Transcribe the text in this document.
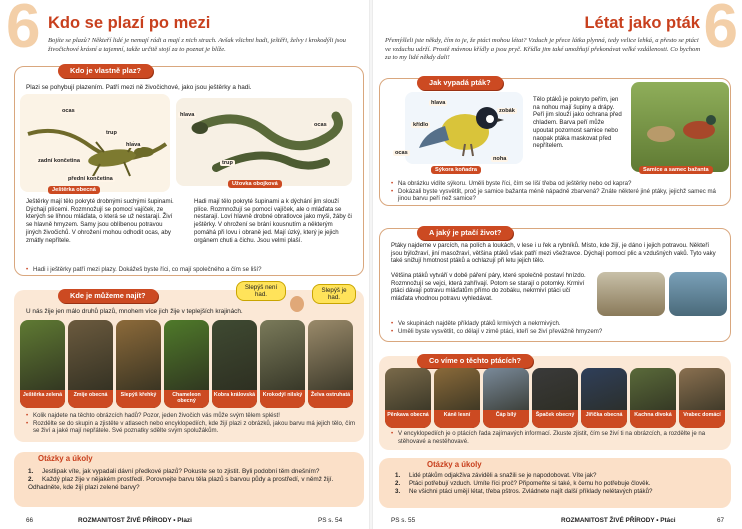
6 Kdo se plazí po mezi
Bojíte se plazů? Někteří lidé je nemají rádi a mají z nich strach. Avšak všichni hadi, ještěři, želvy i krokodýli jsou živočichové krásní a tajemní, takže určitě stojí za to poznat je blíže.
Kdo je vlastně plaz?
Plazi se pohybují plazením. Patří mezi ně živočichové, jako jsou ještěrky a hadi.
ocas
trup
hlava
zadní končetina
přední končetina
Ještěrka obecná
hlava
ocas
trup
Užovka obojková
Ještěrky mají tělo pokryté drobnými suchými šupinami. Dýchají plícemi. Rozmnožují se pomocí vajíček, ze kterých se líhnou mláďata, o která se už nestarají. Živí se hlavně hmyzem. Samy jsou oblíbenou potravou jiných živočichů. V ohrožení mohou odhodit ocas, aby zmátly nepřítele.
Hadi mají tělo pokryté šupinami a k dýchání jim slouží plíce. Rozmnožují se pomocí vajíček, ale o mláďata se nestarají. Loví hlavně drobné obratlovce jako myši, žáby či ještěrky. V ohrožení se brání kousnutím a některým pomáhá při lovu i obraně jed. Mají úzký, který je jejich orgánem chuti a čichu. Jsou velmi plaší.
• Hadi i ještěrky patří mezi plazy. Dokážeš byste říci, co mají společného a čím se liší?
Kde je můžeme najít?
Slepýš není had.
Slepýš je had.
U nás žije jen málo druhů plazů, mnohem více jich žije v teplejších krajinách.
Ještěrka zelená	Zmije obecná	Slepýš křehký	Chameleon obecný
Kobra královská	Krokodýl nilský	Želva ostruhatá
• Kolik najdete na těchto obrázcích hadů? Pozor, jeden živočich vás může svým tělem splést!
• Rozdělte se do skupin a zjistěte v atlasech nebo encyklopediích, kde žijí plazi z obrázků, jakou barvu má jejich tělo, čím se živí a jaké mají nepřátele. Své poznatky sdělte svým spolužákům.
Otázky a úkoly
1. Jestlipak víte, jak vypadali dávní předkové plazů? Pokuste se to zjistit. Byli podobní těm dnešním?
2. Každý plaz žije v nějakém prostředí. Porovnejte barvu těla plazů s barvou půdy a prostředí, v němž žijí. Odhadněte, kde žijí plazi zelené barvy?
66	ROZMANITOST ŽIVÉ PŘÍRODY • Plazi	PS s. 54
6
Létat jako pták
Přemýšleli jste někdy, čím to je, že ptáci mohou létat? Vzduch je přece látka plynná, tedy velice lehká, a přesto se ptáci ve vzduchu udrží. Prostě mávnou křídly a jsou pryč. Křídla jim také umožňují překonávat velké vzdálenosti. Co bychom za to my lidé někdy dali!
Jak vypadá pták?
hlava
křídlo
zobák
ocas
noha
Sýkora koňadra
Tělo ptáků je pokryto peřím, jen na nohou mají šupiny a drápy. Peří jim slouží jako ochrana před chladem. Barva peří může upoutat pozornost samice nebo naopak ptáka maskovat před nepřítelem.
Samice a samec bažanta
• Na obrázku vidíte sýkoru. Uměli byste říci, čím se liší třeba od ještěrky nebo od kapra?
• Dokázali byste vysvětlit, proč je samice bažanta méně nápadně zbarvená? Znáte některé jiné ptáky, jejichž samec má jinou barvu peří než samice?
A jaký je ptačí život?
Ptáky najdeme v parcích, na polích a loukách, v lese i u řek a rybníků. Místo, kde žijí, je dáno i jejich potravou. Někteří jsou býložraví, jiní masožraví, většina ptáků však patří mezi všežravce. Dýchají pomocí plic a vzdušných vaků. Tyto vaky také snižují hmotnost ptáků a ochlazují při letu jejich tělo.
Většina ptáků vytváří v době páření páry, které společně postaví hnízdo. Rozmnožují se vejci, která zahřívají. Potom se starají o potomky. Krmiví ptáci dávají potravu mláďatům přímo do zobáku, nekrmiví ptáci učí mláďata vhodnou potravu vyhledávat.
• Ve skupinách najděte příklady ptáků krmivých a nekrmivých.
• Uměli byste vysvětlit, co dělají v zimě ptáci, kteří se živí převážně hmyzem?
Co víme o těchto ptácích?
Pěnkava obecná	Káně lesní	Čáp bílý	Špaček obecný	Jiřička obecná	Kachna divoká	Vrabec domácí
• V encyklopediích je o ptácích řada zajímavých informací. Zkuste zjistit, čím se živí ti na obrázcích, a rozdělte je na stěhovavé a nestěhovavé.
Otázky a úkoly
1. Lidé ptákům odjakživa záviděli a snažili se je napodobovat. Víte jak?
2. Ptáci potřebují vzduch. Umíte říci proč? Připomeňte si také, k čemu ho potřebuje člověk.
3. Ne všichni ptáci umějí létat, třeba pštros. Zvládnete najít další příklady nelétavých ptáků?
PS s. 55	ROZMANITOST ŽIVÉ PŘÍRODY • Ptáci	67
